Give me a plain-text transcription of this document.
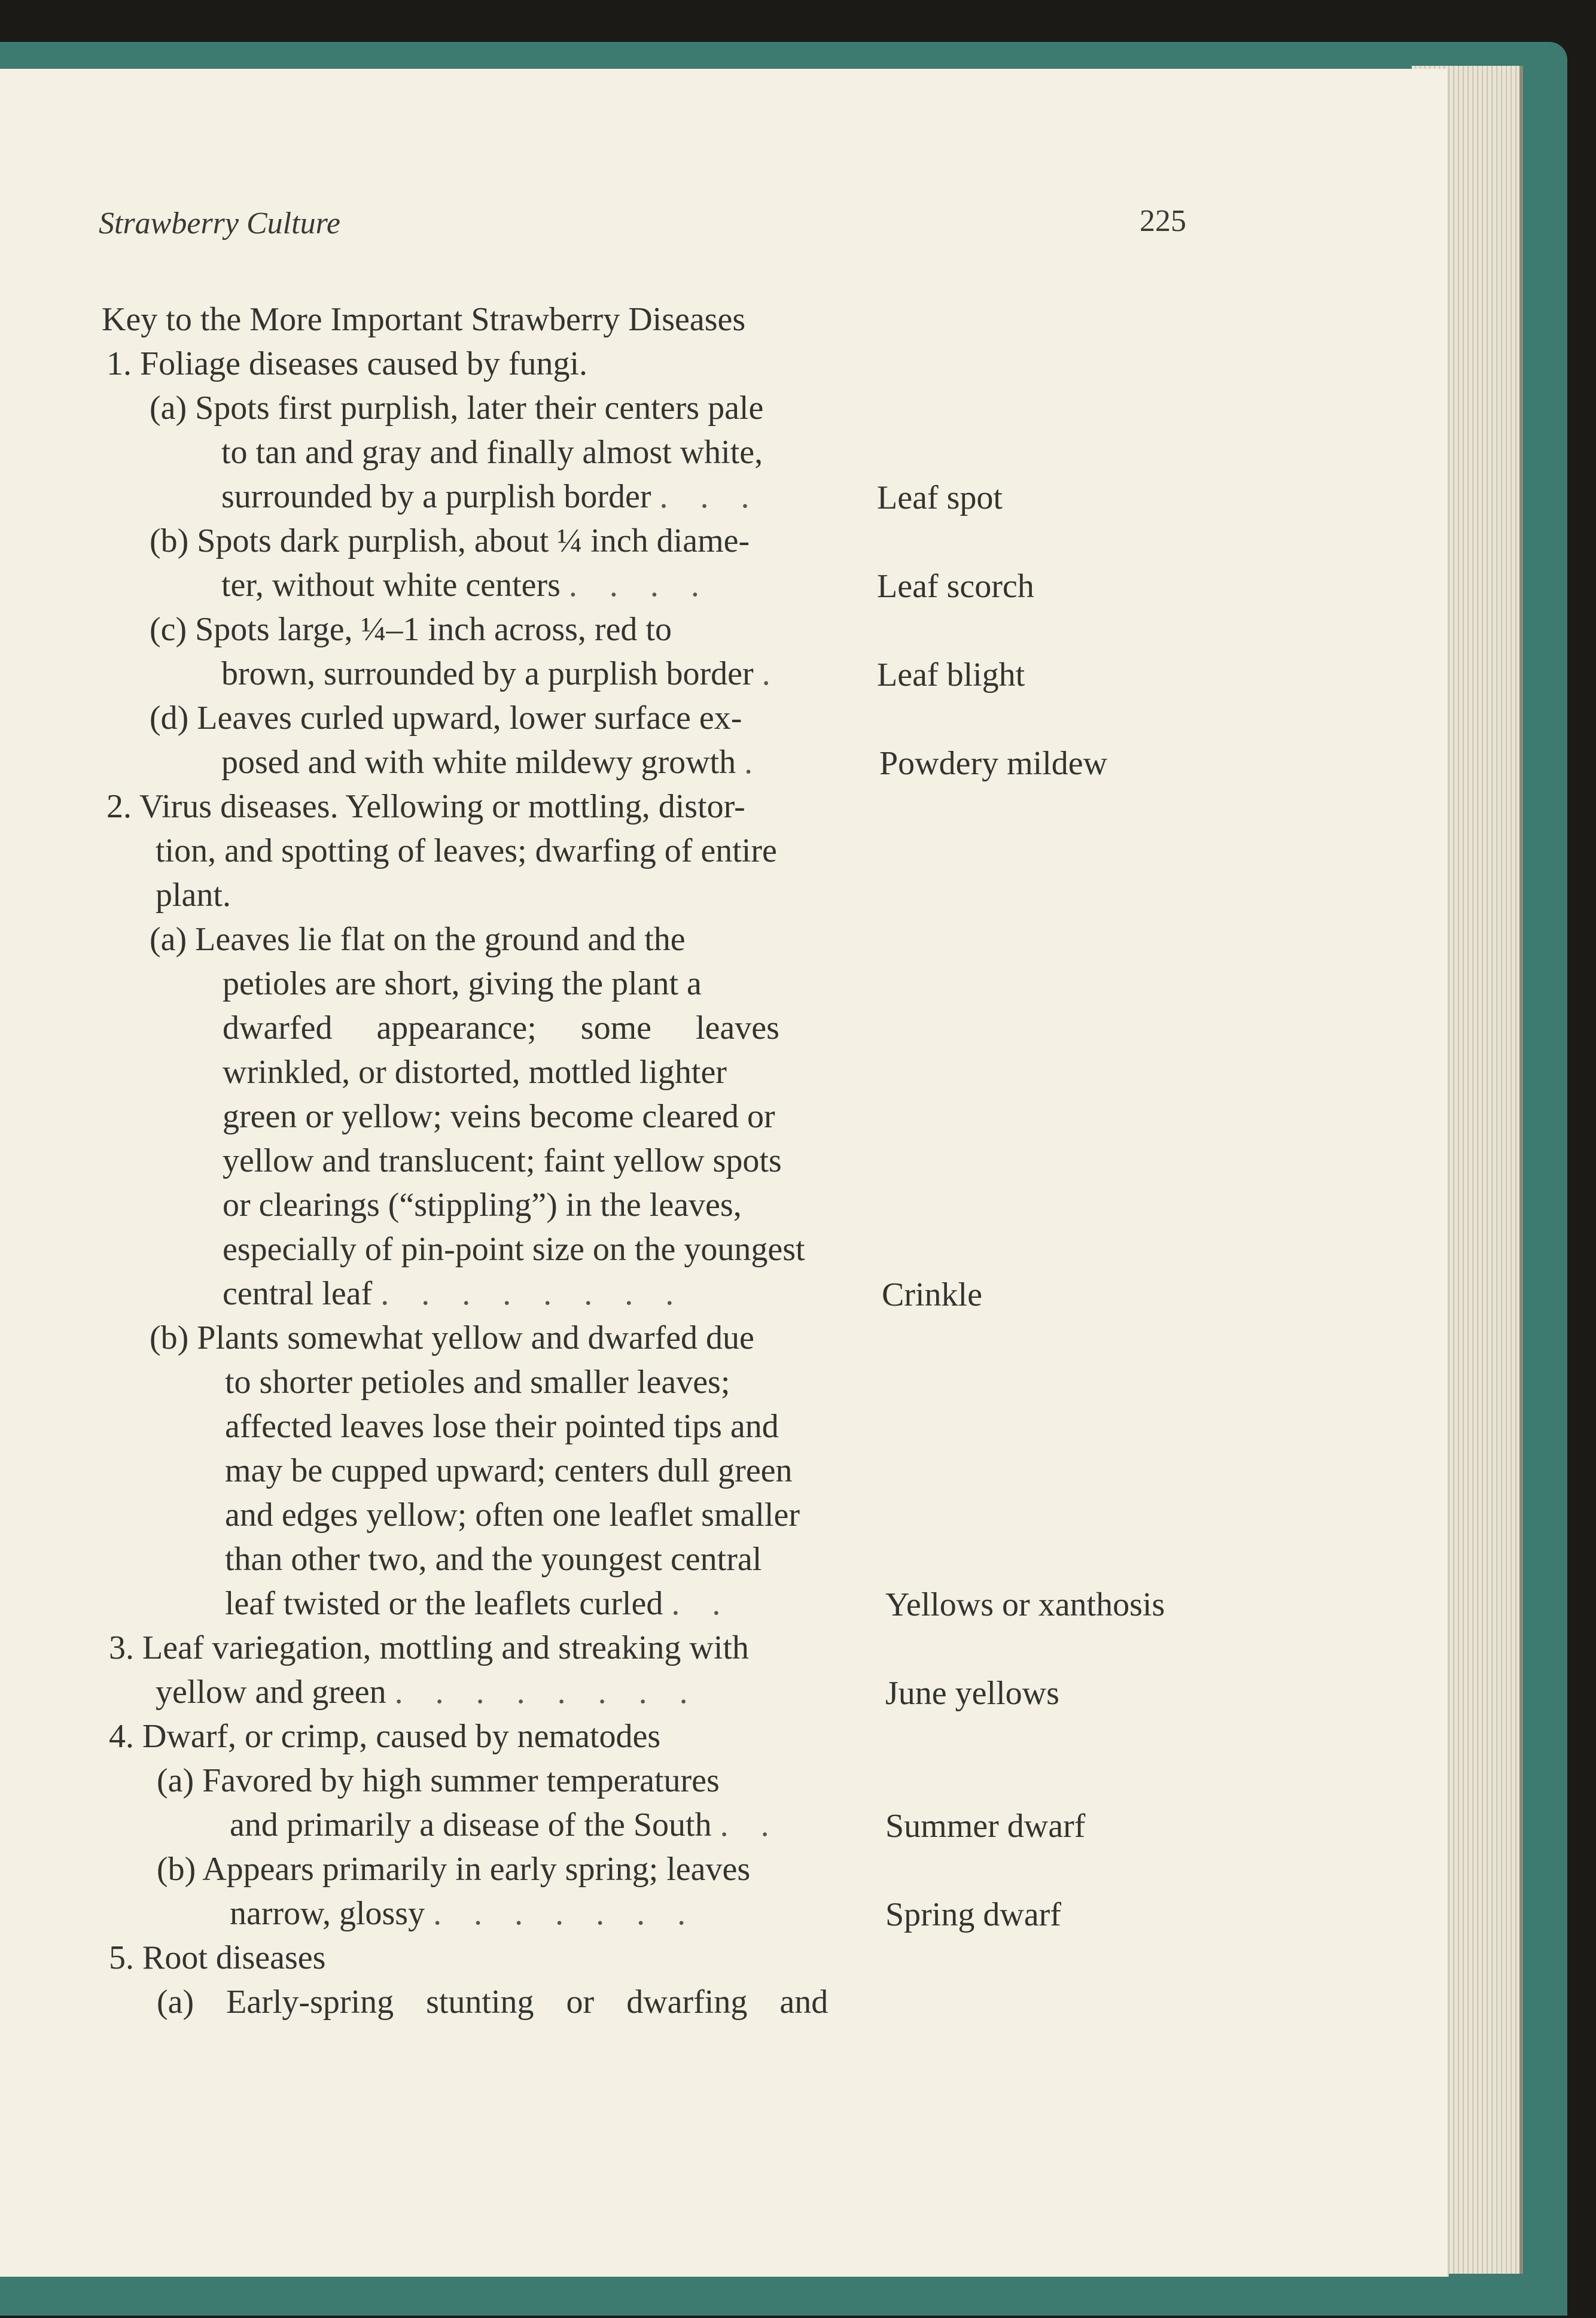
Strawberry Culture	225
Key to the More Important Strawberry Diseases
1. Foliage diseases caused by fungi.
(a) Spots first purplish, later their centers pale
to tan and gray and finally almost white,
surrounded by a purplish border . . .	Leaf spot
(b) Spots dark purplish, about ¼ inch diame-
ter, without white centers . . . .	Leaf scorch
(c) Spots large, ¼–1 inch across, red to
brown, surrounded by a purplish border .	Leaf blight
(d) Leaves curled upward, lower surface ex-
posed and with white mildewy growth .	Powdery mildew
2. Virus diseases. Yellowing or mottling, distor-
tion, and spotting of leaves; dwarfing of entire
plant.
(a) Leaves lie flat on the ground and the
petioles are short, giving the plant a
dwarfed appearance; some leaves
wrinkled, or distorted, mottled lighter
green or yellow; veins become cleared or
yellow and translucent; faint yellow spots
or clearings (“stippling”) in the leaves,
especially of pin-point size on the youngest
central leaf . . . . . . . .	Crinkle
(b) Plants somewhat yellow and dwarfed due
to shorter petioles and smaller leaves;
affected leaves lose their pointed tips and
may be cupped upward; centers dull green
and edges yellow; often one leaflet smaller
than other two, and the youngest central
leaf twisted or the leaflets curled . .	Yellows or xanthosis
3. Leaf variegation, mottling and streaking with
yellow and green . . . . . . . .	June yellows
4. Dwarf, or crimp, caused by nematodes
(a) Favored by high summer temperatures
and primarily a disease of the South . .	Summer dwarf
(b) Appears primarily in early spring; leaves
narrow, glossy . . . . . . .	Spring dwarf
5. Root diseases
(a) Early-spring stunting or dwarfing and
